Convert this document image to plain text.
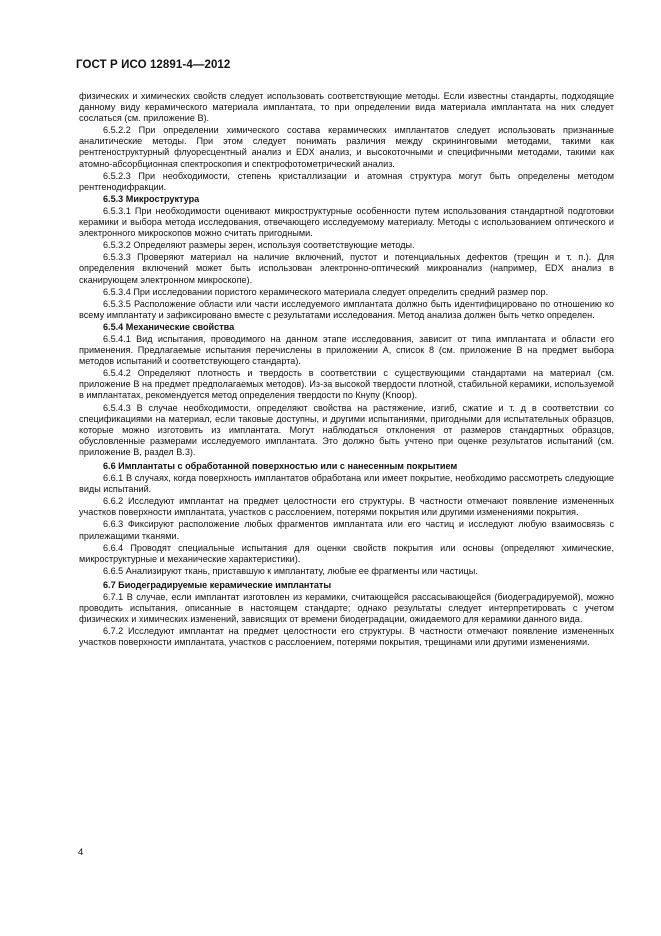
ГОСТ Р ИСО 12891-4—2012

физических и химических свойств следует использовать соответствующие методы. Если известны стандарты, подходящие данному виду керамического материала имплантата, то при определении вида материала имплантата на них следует сослаться (см. приложение В).

6.5.2.2 При определении химического состава керамических имплантатов следует использовать признанные аналитические методы. При этом следует понимать различия между скрининговыми методами, такими как рентгеноструктурный флуоресцентный анализ и EDX анализ, и высокоточными и специфичными методами, такими как атомно-абсорбционная спектроскопия и спектрофотометрический анализ.

6.5.2.3 При необходимости, степень кристаллизации и атомная структура могут быть определены методом рентгенодифракции.

6.5.3 Микроструктура

6.5.3.1 При необходимости оценивают микроструктурные особенности путем использования стандартной подготовки керамики и выбора метода исследования, отвечающего исследуемому материалу. Методы с использованием оптического и электронного микроскопов можно считать пригодными.

6.5.3.2 Определяют размеры зерен, используя соответствующие методы.

6.5.3.3 Проверяют материал на наличие включений, пустот и потенциальных дефектов (трещин и т. п.). Для определения включений может быть использован электронно-оптический микроанализ (например, EDX анализ в сканирующем электронном микроскопе).

6.5.3.4 При исследовании пористого керамического материала следует определить средний размер пор.

6.5.3.5 Расположение области или части исследуемого имплантата должно быть идентифицировано по отношению ко всему имплантату и зафиксировано вместе с результатами исследования. Метод анализа должен быть четко определен.

6.5.4 Механические свойства

6.5.4.1 Вид испытания, проводимого на данном этапе исследования, зависит от типа имплантата и области его применения. Предлагаемые испытания перечислены в приложении А, список 8 (см. приложение В на предмет выбора методов испытаний и соответствующего стандарта).

6.5.4.2 Определяют плотность и твердость в соответствии с существующими стандартами на материал (см. приложение В на предмет предполагаемых методов). Из-за высокой твердости плотной, стабильной керамики, используемой в имплантатах, рекомендуется метод определения твердости по Кнупу (Knoop).

6.5.4.3 В случае необходимости, определяют свойства на растяжение, изгиб, сжатие и т. д в соответствии со спецификациями на материал, если таковые доступны, и другими испытаниями, пригодными для испытательных образцов, которые можно изготовить из имплантата. Могут наблюдаться отклонения от размеров стандартных образцов, обусловленные размерами исследуемого имплантата. Это должно быть учтено при оценке результатов испытаний (см. приложение В, раздел В.3).

6.6 Имплантаты с обработанной поверхностью или с нанесенным покрытием

6.6.1 В случаях, когда поверхность имплантатов обработана или имеет покрытие, необходимо рассмотреть следующие виды испытаний.

6.6.2 Исследуют имплантат на предмет целостности его структуры. В частности отмечают появление измененных участков поверхности имплантата, участков с расслоением, потерями покрытия или другими изменениями покрытия.

6.6.3 Фиксируют расположение любых фрагментов имплантата или его частиц и исследуют любую взаимосвязь с прилежащими тканями.

6.6.4 Проводят специальные испытания для оценки свойств покрытия или основы (определяют химические, микроструктурные и механические характеристики).

6.6.5 Анализируют ткань, приставшую к имплантату, любые ее фрагменты или частицы.

6.7 Биодеградируемые керамические имплантаты

6.7.1 В случае, если имплантат изготовлен из керамики, считающейся рассасывающейся (биодеградируемой), можно проводить испытания, описанные в настоящем стандарте; однако результаты следует интерпретировать с учетом физических и химических изменений, зависящих от времени биодеградации, ожидаемого для керамики данного вида.

6.7.2 Исследуют имплантат на предмет целостности его структуры. В частности отмечают появление измененных участков поверхности имплантата, участков с расслоением, потерями покрытия, трещинами или другими изменениями.

4
